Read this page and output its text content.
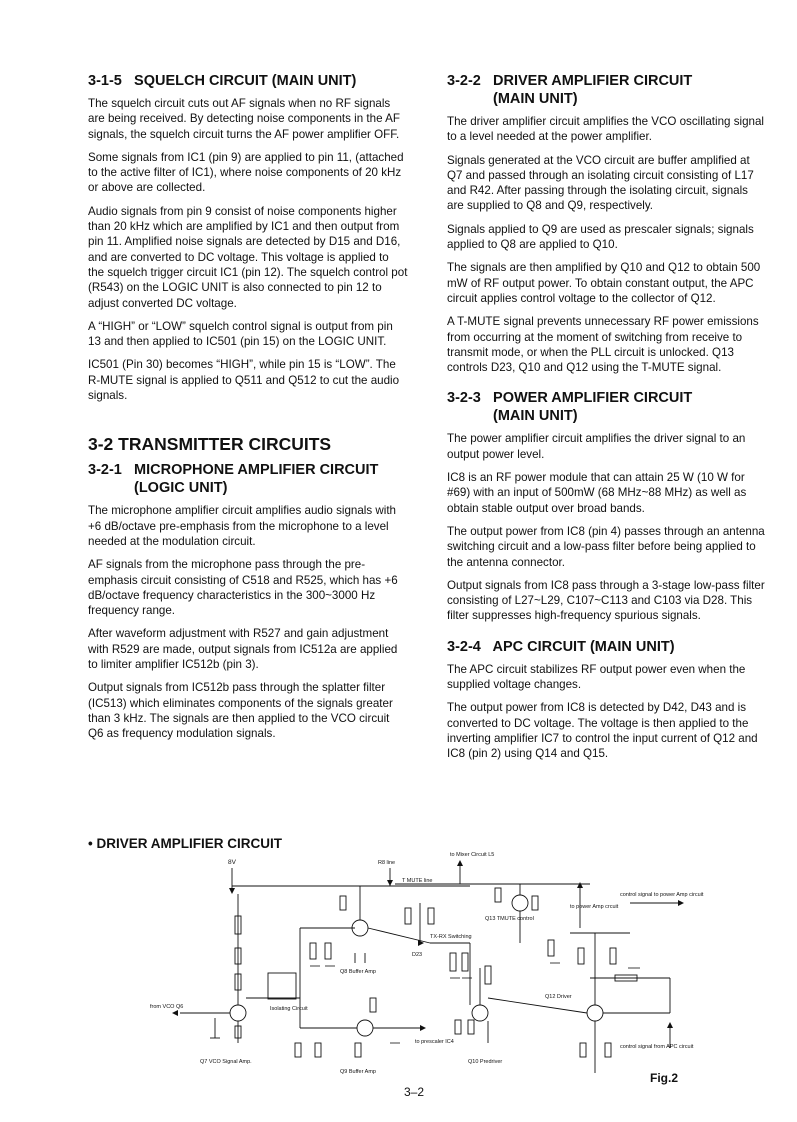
3-1-5 SQUELCH CIRCUIT (MAIN UNIT)

The squelch circuit cuts out AF signals when no RF signals are being received. By detecting noise components in the AF signals, the squelch circuit turns the AF power amplifier OFF.

Some signals from IC1 (pin 9) are applied to pin 11, (attached to the active filter of IC1), where noise components of 20 kHz or above are collected.

Audio signals from pin 9 consist of noise components higher than 20 kHz which are amplified by IC1 and then output from pin 11. Amplified noise signals are detected by D15 and D16, and are converted to DC voltage. This voltage is applied to the squelch trigger circuit IC1 (pin 12). The squelch control pot (R543) on the LOGIC UNIT is also connected to pin 12 to adjust converted DC voltage.

A “HIGH” or “LOW” squelch control signal is output from pin 13 and then applied to IC501 (pin 15) on the LOGIC UNIT.

IC501 (Pin 30) becomes “HIGH”, while pin 15 is “LOW”. The R-MUTE signal is applied to Q511 and Q512 to cut the audio signals.

3-2 TRANSMITTER CIRCUITS
3-2-1 MICROPHONE AMPLIFIER CIRCUIT
(LOGIC UNIT)

The microphone amplifier circuit amplifies audio signals with +6 dB/octave pre-emphasis from the microphone to a level needed at the modulation circuit.

AF signals from the microphone pass through the pre-emphasis circuit consisting of C518 and R525, which has +6 dB/octave frequency characteristics in the 300~3000 Hz frequency range.

After waveform adjustment with R527 and gain adjustment with R529 are made, output signals from IC512a are applied to limiter amplifier IC512b (pin 3).

Output signals from IC512b pass through the splatter filter (IC513) which eliminates components of the signals greater than 3 kHz. The signals are then applied to the VCO circuit Q6 as frequency modulation signals.

3-2-2 DRIVER AMPLIFIER CIRCUIT
(MAIN UNIT)

The driver amplifier circuit amplifies the VCO oscillating signal to a level needed at the power amplifier.

Signals generated at the VCO circuit are buffer amplified at Q7 and passed through an isolating circuit consisting of L17 and R42. After passing through the isolating circuit, signals are supplied to Q8 and Q9, respectively.

Signals applied to Q9 are used as prescaler signals; signals applied to Q8 are applied to Q10.

The signals are then amplified by Q10 and Q12 to obtain 500 mW of RF output power. To obtain constant output, the APC circuit applies control voltage to the collector of Q12.

A T-MUTE signal prevents unnecessary RF power emissions from occurring at the moment of switching from receive to transmit mode, or when the PLL circuit is unlocked. Q13 controls D23, Q10 and Q12 using the T-MUTE signal.

3-2-3 POWER AMPLIFIER CIRCUIT
(MAIN UNIT)

The power amplifier circuit amplifies the driver signal to an output power level.

IC8 is an RF power module that can attain 25 W (10 W for #69) with an input of 500mW (68 MHz~88 MHz) as well as obtain stable output over broad bands.

The output power from IC8 (pin 4) passes through an antenna switching circuit and a low-pass filter before being applied to the antenna connector.

Output signals from IC8 pass through a 3-stage low-pass filter consisting of L27~L29, C107~C113 and C103 via D28. This filter suppresses high-frequency spurious signals.

3-2-4 APC CIRCUIT (MAIN UNIT)

The APC circuit stabilizes RF output power even when the supplied voltage changes.

The output power from IC8 is detected by D42, D43 and is converted to DC voltage. The voltage is then applied to the inverting amplifier IC7 to control the input current of Q12 and IC8 (pin 2) using Q14 and Q15.

• DRIVER AMPLIFIER CIRCUIT
8V	R8 line
to Mixer Circuit L5
T MUTE line
from VCO Q6
Q7 VCO Signal Amp.
Isolating Circuit
Q8 Buffer Amp
Q9 Buffer Amp
to prescaler IC4
Q10 Predriver
Q13 TMUTE control
D23
TX-RX Switching
to power Amp crcuit
control signal to power Amp circuit
Q12 Driver
control signal from APC circuit
3–2
Fig.2
